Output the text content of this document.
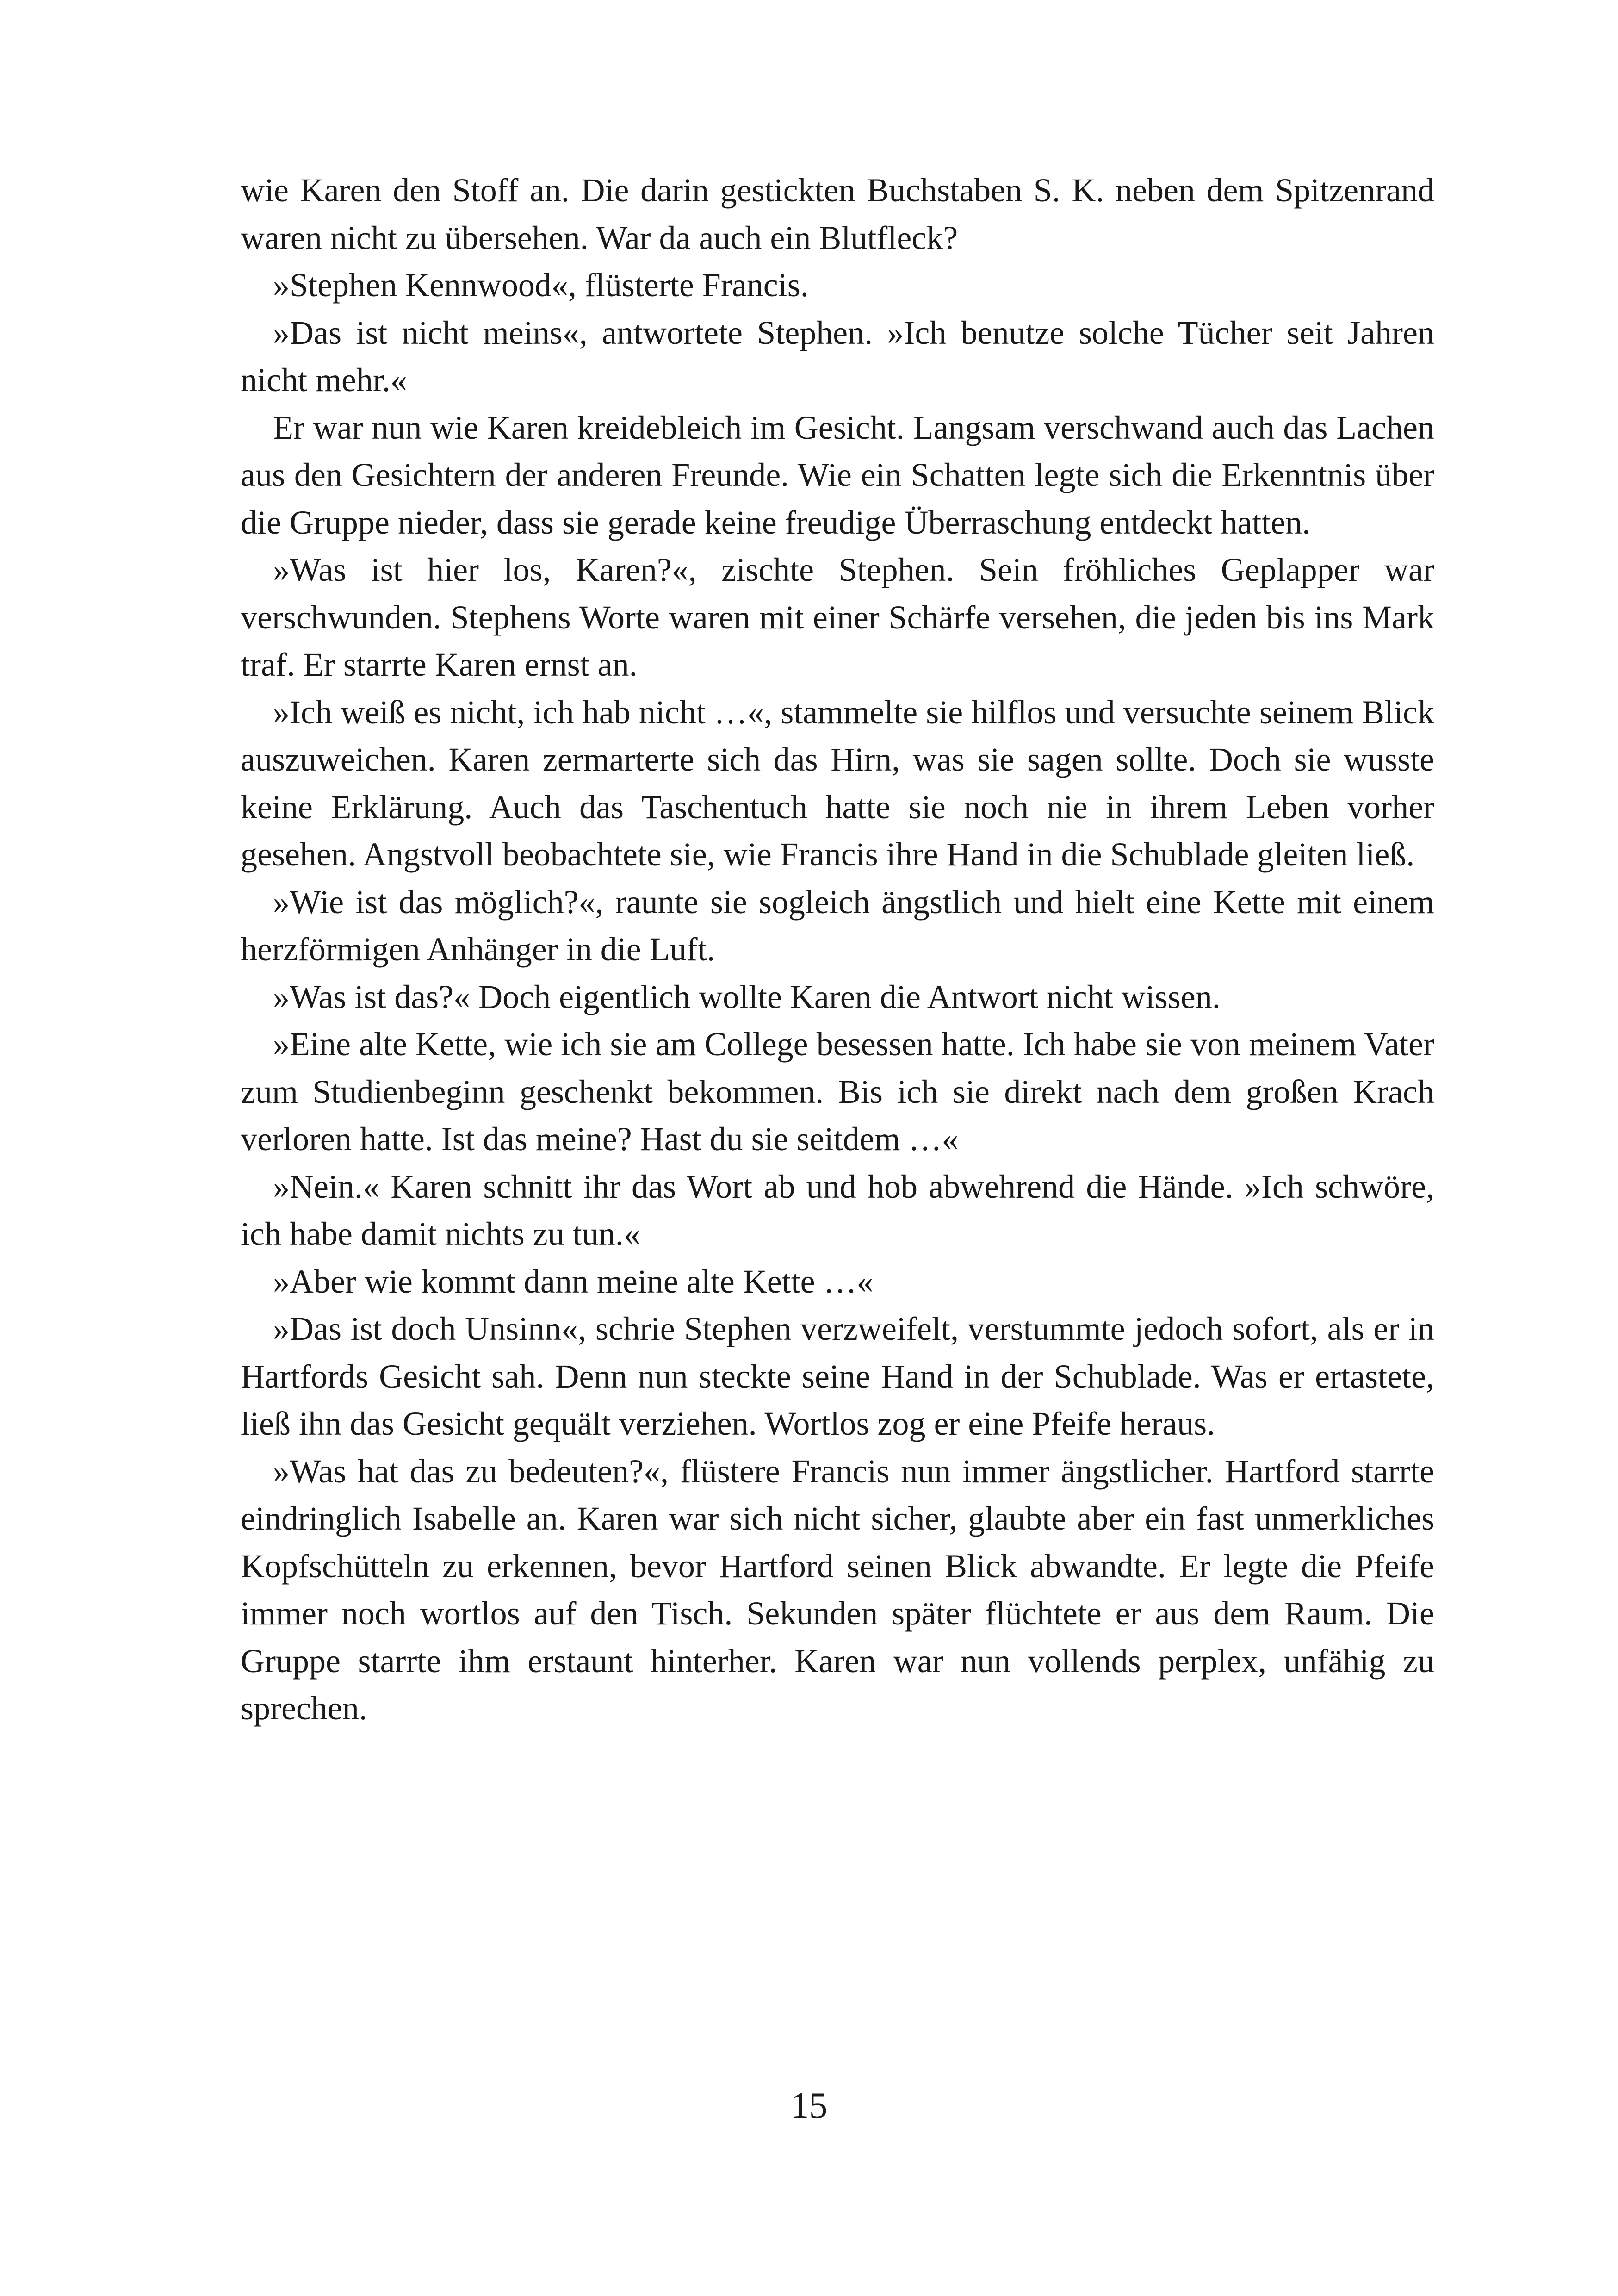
wie Karen den Stoff an. Die darin gestickten Buchstaben S. K. neben dem Spitzenrand waren nicht zu übersehen. War da auch ein Blutfleck?

»Stephen Kennwood«, flüsterte Francis.

»Das ist nicht meins«, antwortete Stephen. »Ich benutze solche Tücher seit Jahren nicht mehr.«

Er war nun wie Karen kreidebleich im Gesicht. Langsam verschwand auch das Lachen aus den Gesichtern der anderen Freunde. Wie ein Schatten legte sich die Erkenntnis über die Gruppe nieder, dass sie gerade keine freudige Überraschung entdeckt hatten.

»Was ist hier los, Karen?«, zischte Stephen. Sein fröhliches Geplapper war verschwunden. Stephens Worte waren mit einer Schärfe versehen, die jeden bis ins Mark traf. Er starrte Karen ernst an.

»Ich weiß es nicht, ich hab nicht …«, stammelte sie hilflos und versuchte seinem Blick auszuweichen. Karen zermarterte sich das Hirn, was sie sagen sollte. Doch sie wusste keine Erklärung. Auch das Taschentuch hatte sie noch nie in ihrem Leben vorher gesehen. Angstvoll beobachtete sie, wie Francis ihre Hand in die Schublade gleiten ließ.

»Wie ist das möglich?«, raunte sie sogleich ängstlich und hielt eine Kette mit einem herzförmigen Anhänger in die Luft.

»Was ist das?« Doch eigentlich wollte Karen die Antwort nicht wissen.

»Eine alte Kette, wie ich sie am College besessen hatte. Ich habe sie von meinem Vater zum Studienbeginn geschenkt bekommen. Bis ich sie direkt nach dem großen Krach verloren hatte. Ist das meine? Hast du sie seitdem …«

»Nein.« Karen schnitt ihr das Wort ab und hob abwehrend die Hände. »Ich schwöre, ich habe damit nichts zu tun.«

»Aber wie kommt dann meine alte Kette …«

»Das ist doch Unsinn«, schrie Stephen verzweifelt, verstummte jedoch sofort, als er in Hartfords Gesicht sah. Denn nun steckte seine Hand in der Schublade. Was er ertastete, ließ ihn das Gesicht gequält verziehen. Wortlos zog er eine Pfeife heraus.

»Was hat das zu bedeuten?«, flüstere Francis nun immer ängstlicher. Hartford starrte eindringlich Isabelle an. Karen war sich nicht sicher, glaubte aber ein fast unmerkliches Kopfschütteln zu erkennen, bevor Hartford seinen Blick abwandte. Er legte die Pfeife immer noch wortlos auf den Tisch. Sekunden später flüchtete er aus dem Raum. Die Gruppe starrte ihm erstaunt hinterher. Karen war nun vollends perplex, unfähig zu sprechen.

15
